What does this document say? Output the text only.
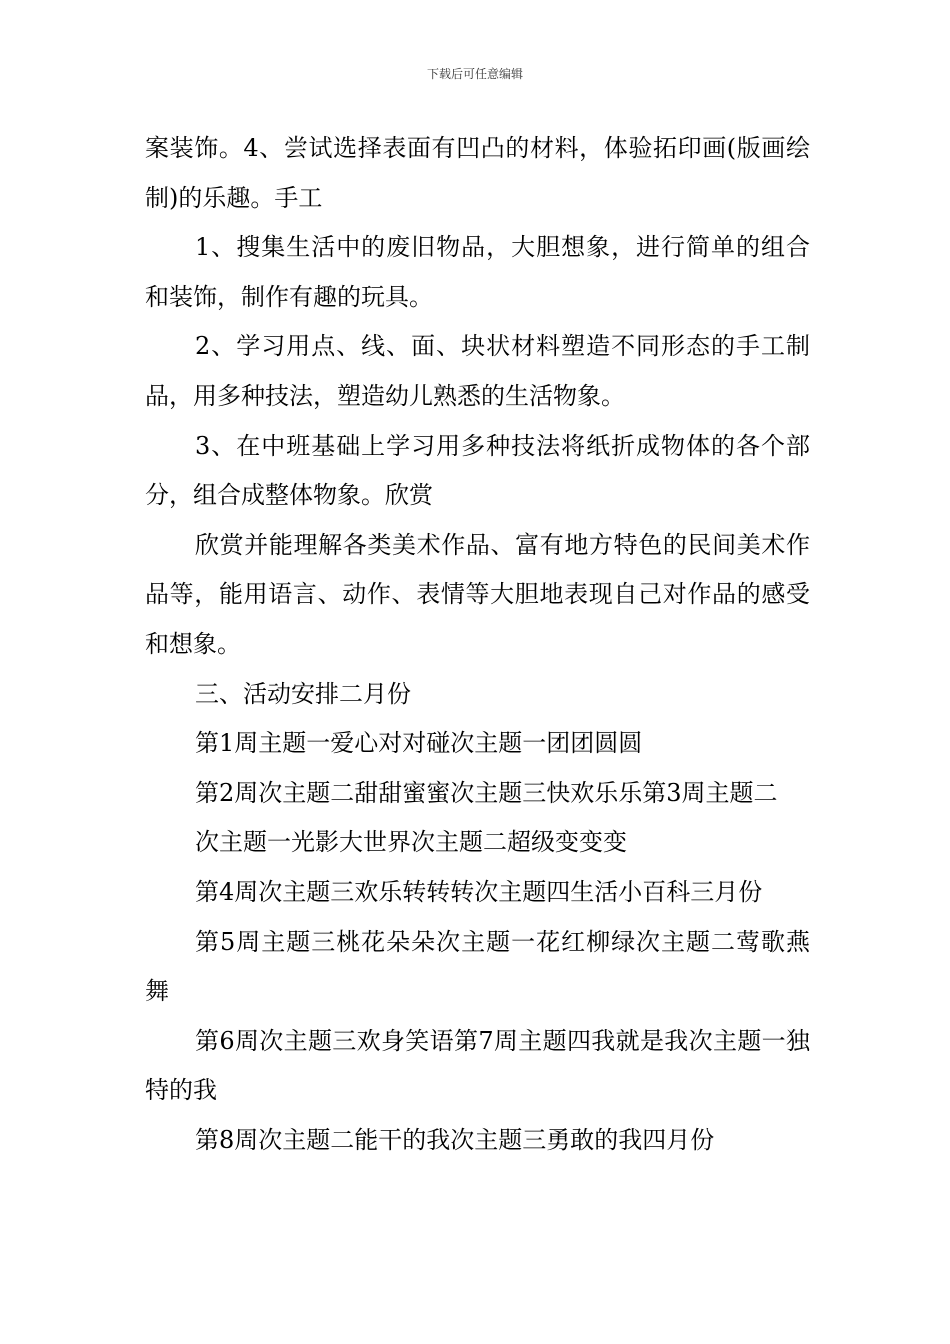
下载后可任意编辑

案装饰。4、尝试选择表面有凹凸的材料，体验拓印画(版画绘制)的乐趣。手工

1、搜集生活中的废旧物品，大胆想象，进行简单的组合和装饰，制作有趣的玩具。

2、学习用点、线、面、块状材料塑造不同形态的手工制品，用多种技法，塑造幼儿熟悉的生活物象。

3、在中班基础上学习用多种技法将纸折成物体的各个部分，组合成整体物象。欣赏

欣赏并能理解各类美术作品、富有地方特色的民间美术作品等，能用语言、动作、表情等大胆地表现自己对作品的感受和想象。

三、活动安排二月份

第1周主题一爱心对对碰次主题一团团圆圆

第2周次主题二甜甜蜜蜜次主题三快欢乐乐第3周主题二

次主题一光影大世界次主题二超级变变变

第4周次主题三欢乐转转转次主题四生活小百科三月份

第5周主题三桃花朵朵次主题一花红柳绿次主题二莺歌燕舞

第6周次主题三欢身笑语第7周主题四我就是我次主题一独特的我

第8周次主题二能干的我次主题三勇敢的我四月份
